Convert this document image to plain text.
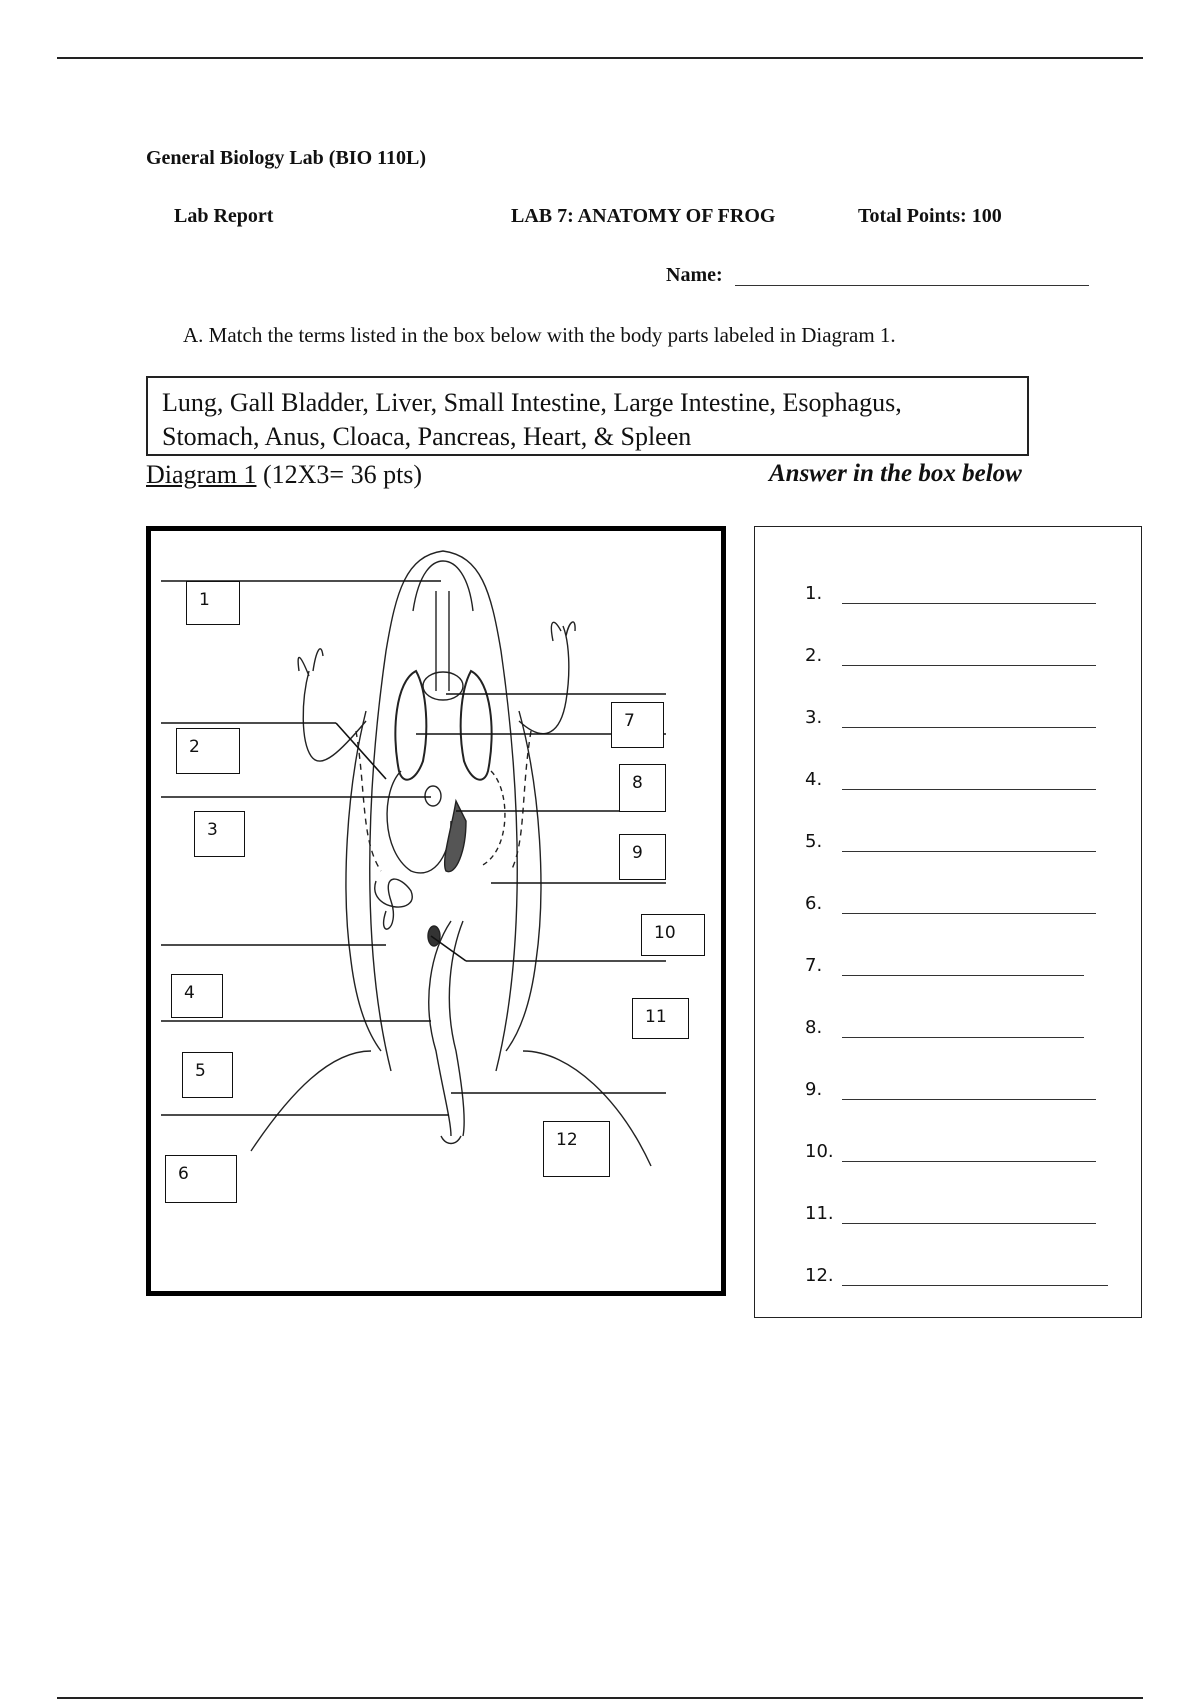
General Biology Lab (BIO 110L)
Lab Report	LAB 7: ANATOMY OF FROG	Total Points: 100
Name:
A. Match the terms listed in the box below with the body parts labeled in Diagram 1.
Lung, Gall Bladder, Liver, Small Intestine, Large Intestine, Esophagus,
Stomach, Anus, Cloaca, Pancreas, Heart, & Spleen
Diagram 1 (12X3= 36 pts)	Answer in the box below
1
2
3
4
5
6
7
8
9
10
11
12
1.
2.
3.
4.
5.
6.
7.
8.
9.
10.
11.
12.
